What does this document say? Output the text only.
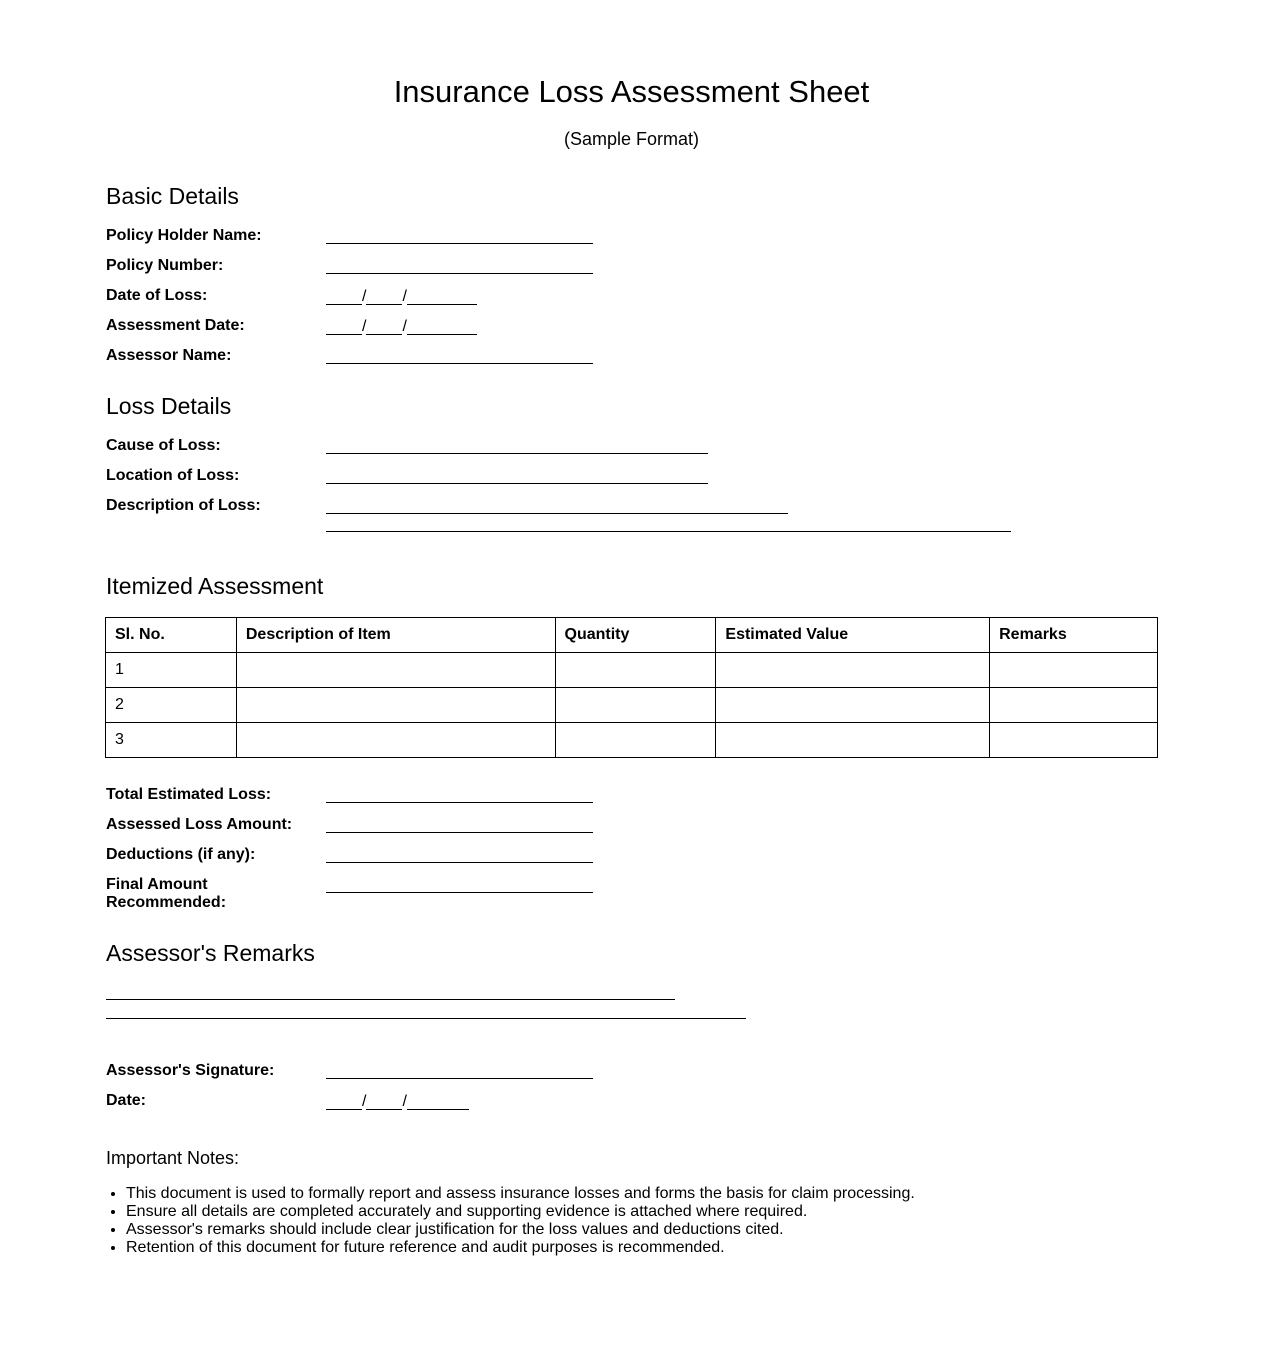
Insurance Loss Assessment Sheet
(Sample Format)
Basic Details
Policy Holder Name:
Policy Number:
Date of Loss:	/ /
Assessment Date:	/ /
Assessor Name:
Loss Details
Cause of Loss:
Location of Loss:
Description of Loss:
Itemized Assessment
Sl. No.	Description of Item	Quantity	Estimated Value	Remarks
1				
2				
3				
Total Estimated Loss:
Assessed Loss Amount:
Deductions (if any):
Final Amount Recommended:
Assessor's Remarks
Assessor's Signature:
Date:	/ /
Important Notes:
• This document is used to formally report and assess insurance losses and forms the basis for claim processing.
• Ensure all details are completed accurately and supporting evidence is attached where required.
• Assessor's remarks should include clear justification for the loss values and deductions cited.
• Retention of this document for future reference and audit purposes is recommended.
